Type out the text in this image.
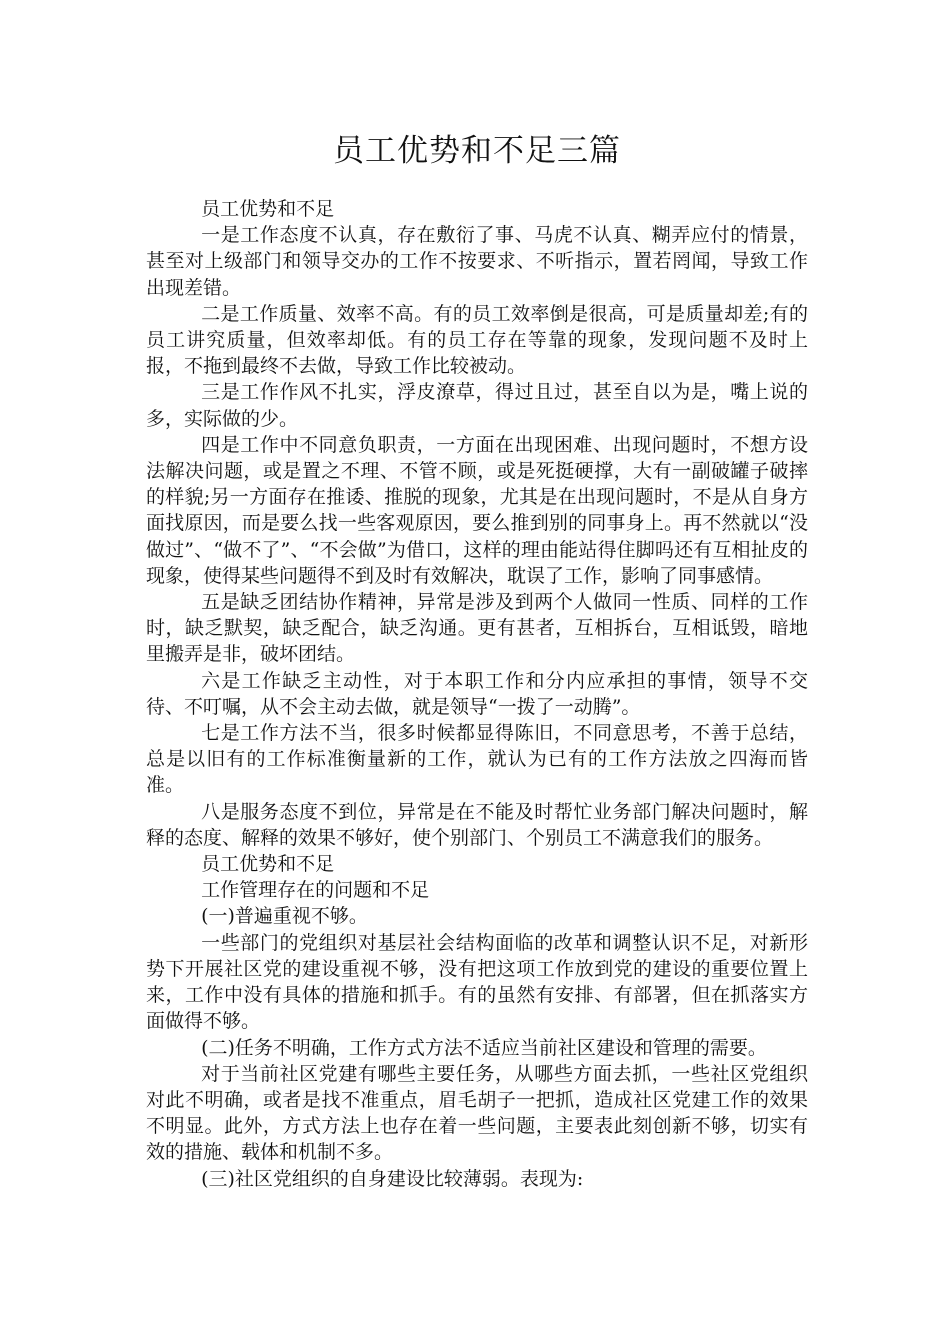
员工优势和不足三篇

员工优势和不足

一是工作态度不认真，存在敷衍了事、马虎不认真、糊弄应付的情景，甚至对上级部门和领导交办的工作不按要求、不听指示，置若罔闻，导致工作出现差错。

二是工作质量、效率不高。有的员工效率倒是很高，可是质量却差;有的员工讲究质量，但效率却低。有的员工存在等靠的现象，发现问题不及时上报，不拖到最终不去做，导致工作比较被动。

三是工作作风不扎实，浮皮潦草，得过且过，甚至自以为是，嘴上说的多，实际做的少。

四是工作中不同意负职责，一方面在出现困难、出现问题时，不想方设法解决问题，或是置之不理、不管不顾，或是死挺硬撑，大有一副破罐子破摔的样貌;另一方面存在推诿、推脱的现象，尤其是在出现问题时，不是从自身方面找原因，而是要么找一些客观原因，要么推到别的同事身上。再不然就以“没做过”、“做不了”、“不会做”为借口，这样的理由能站得住脚吗还有互相扯皮的现象，使得某些问题得不到及时有效解决，耽误了工作，影响了同事感情。

五是缺乏团结协作精神，异常是涉及到两个人做同一性质、同样的工作时，缺乏默契，缺乏配合，缺乏沟通。更有甚者，互相拆台，互相诋毁，暗地里搬弄是非，破坏团结。

六是工作缺乏主动性，对于本职工作和分内应承担的事情，领导不交待、不叮嘱，从不会主动去做，就是领导“一拨了一动腾”。

七是工作方法不当，很多时候都显得陈旧，不同意思考，不善于总结，总是以旧有的工作标准衡量新的工作，就认为已有的工作方法放之四海而皆准。

八是服务态度不到位，异常是在不能及时帮忙业务部门解决问题时，解释的态度、解释的效果不够好，使个别部门、个别员工不满意我们的服务。

员工优势和不足

工作管理存在的问题和不足

(一)普遍重视不够。

一些部门的党组织对基层社会结构面临的改革和调整认识不足，对新形势下开展社区党的建设重视不够，没有把这项工作放到党的建设的重要位置上来，工作中没有具体的措施和抓手。有的虽然有安排、有部署，但在抓落实方面做得不够。

(二)任务不明确，工作方式方法不适应当前社区建设和管理的需要。

对于当前社区党建有哪些主要任务，从哪些方面去抓，一些社区党组织对此不明确，或者是找不准重点，眉毛胡子一把抓，造成社区党建工作的效果不明显。此外，方式方法上也存在着一些问题，主要表此刻创新不够，切实有效的措施、载体和机制不多。

(三)社区党组织的自身建设比较薄弱。表现为:
